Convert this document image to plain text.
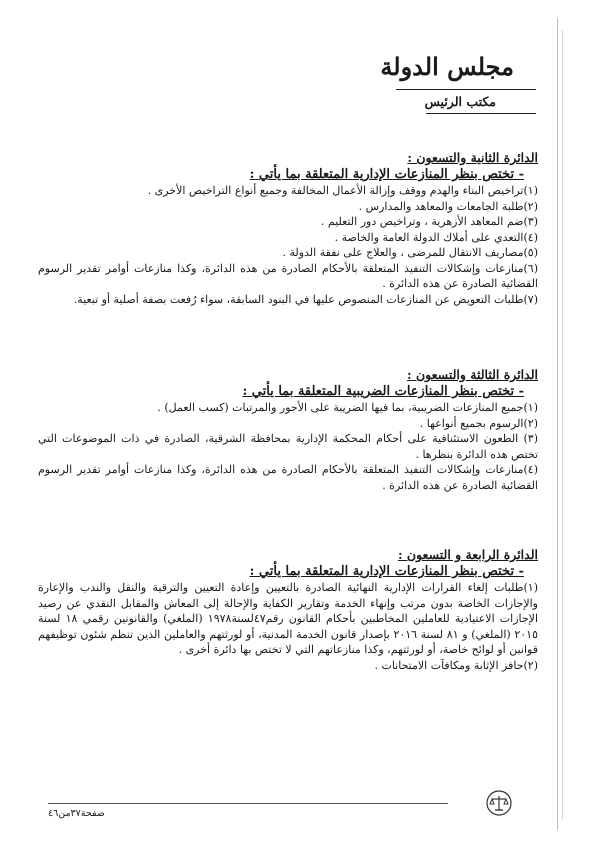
مجلس الدولة
مكتب الرئيس
الدائرة الثانية والتسعون :
- تختص بنظر المنازعات الإدارية المتعلقة بما يأتي :
(١)تراخيص البناء والهدم ووقف وإزالة الأعمال المخالفة وجميع أنواع التراخيص الأخرى .
(٢)طلبة الجامعات والمعاهد والمدارس .
(٣)ضم المعاهد الأزهرية ، وتراخيص دور التعليم .
(٤)التعدي على أملاك الدولة العامة والخاصة .
(٥)مصاريف الانتقال للمرضى ، والعلاج على نفقة الدولة .
(٦)منازعات وإشكالات التنفيذ المتعلقة بالأحكام الصادرة من هذه الدائرة، وكذا منازعات أوامر تقدير الرسوم القضائية الصادرة عن هذه الدائرة .
(٧)طلبات التعويض عن المنازعات المنصوص عليها في البنود السابقة، سواء رُفعت بصفة أصلية أو تبعية.
الدائرة الثالثة والتسعون :
- تختص بنظر المنازعات الضريبية المتعلقة بما يأتي :
(١)جميع المنازعات الضريبية، بما فيها الضريبة على الأجور والمرتبات (كسب العمل) .
(٢)الرسوم بجميع أنواعها .
(٣) الطعون الاستئنافية على أحكام المحكمة الإدارية بمحافظة الشرقية، الصادرة في ذات الموضوعات التي تختص هذه الدائرة بنظرها .
(٤)منازعات وإشكالات التنفيذ المتعلقة بالأحكام الصادرة من هذه الدائرة، وكذا منازعات أوامر تقدير الرسوم القضائية الصادرة عن هذه الدائرة .
الدائرة الرابعة و التسعون :
- تختص بنظر المنازعات الإدارية المتعلقة بما يأتي :
(١)طلبات إلغاء القرارات الإدارية النهائية الصادرة بالتعيين وإعادة التعيين والترقية والنقل والندب والإعارة والإجازات الخاصة بدون مرتب وإنهاء الخدمة وتقارير الكفاية والإحالة إلى المعاش والمقابل النقدي عن رصيد الإجازات الاعتيادية للعاملين المخاطبين بأحكام القانون رقم٤٧لسنة١٩٧٨ (الملغي) والقانونين رقمي ١٨ لسنة ٢٠١٥ (الملغي) و ٨١ لسنة ٢٠١٦ بإصدار قانون الخدمة المدنية، أو لورثتهم والعاملين الذين تنظم شئون توظيفهم قوانين أو لوائح خاصة، أو لورثتهم، وكذا منازعاتهم التي لا تختص بها دائرة أخرى .
(٢)حافز الإثابة ومكافآت الامتحانات .
صفحة٣٧من٤٦
